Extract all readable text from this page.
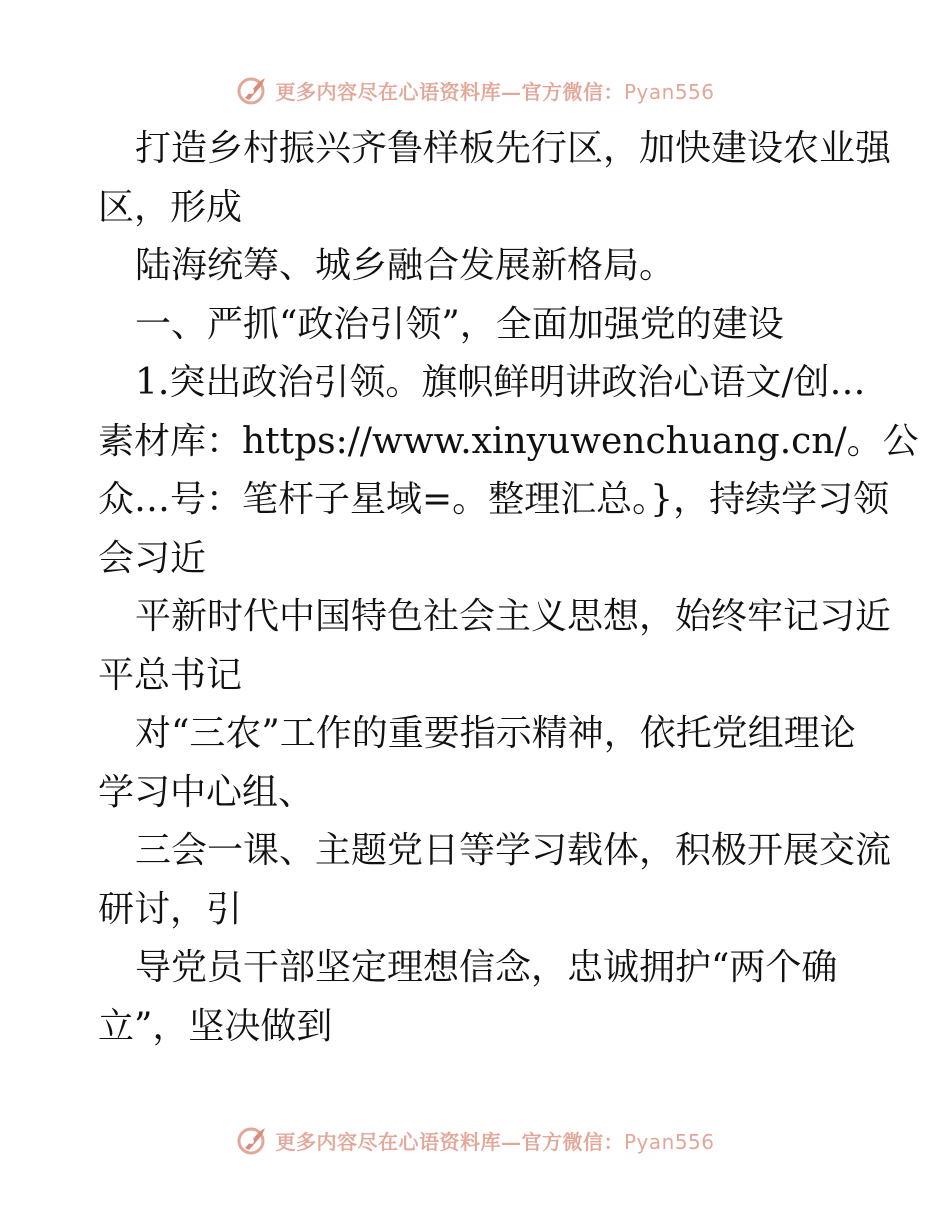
更多内容尽在心语资料库—官方微信：Pyan556
打造乡村振兴齐鲁样板先行区，加快建设农业强
区，形成
陆海统筹、城乡融合发展新格局。
一、严抓“政治引领”，全面加强党的建设
1.突出政治引领。旗帜鲜明讲政治心语文/创…
素材库：https://www.xinyuwenchuang.cn/。公
众…号：笔杆子星域=。整理汇总。}，持续学习领
会习近
平新时代中国特色社会主义思想，始终牢记习近
平总书记
对“三农”工作的重要指示精神，依托党组理论
学习中心组、
三会一课、主题党日等学习载体，积极开展交流
研讨，引
导党员干部坚定理想信念，忠诚拥护“两个确
立”，坚决做到
更多内容尽在心语资料库—官方微信：Pyan556
